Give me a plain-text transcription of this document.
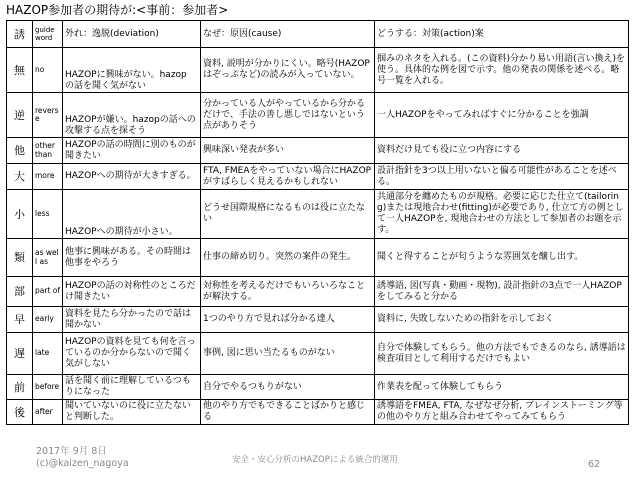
HAZOP参加者の期待が:<事前：参加者>
誘	guide word	外れ：逸脱(deviation)	なぜ：原因(cause)	どうする：対策(action)案
無	no	HAZOPに興味がない。hazop の話を聞く気がない	資料, 説明が分かりにくい。略号(HAZOPはぞっぷなど)の読みが入っていない。	掴みのネタを入れる。(この資料)分かり易い用語(言い換え)を使う。具体的な例を図で示す。他の発表の関係を述べる。略号一覧を入れる。
逆	reverse	HAZOPが嫌い。hazopの話への攻撃する点を探そう	分かっている人がやっているから分かるだけで、手法の善し悪しではないという点がありそう	一人HAZOPをやってみればすぐに分かることを強調
他	other than	HAZOPの話の時間に別のものが聞きたい	興味深い発表が多い	資料だけ見ても役に立つ内容にする
大	more	HAZOPへの期待が大きすぎる。	FTA, FMEAをやっていない場合にHAZOPがすばらしく見えるかもしれない	設計指針を3つ以上用いないと偏る可能性があることを述べる。
小	less	HAZOPへの期待が小さい。	どうせ国際規格になるものは役に立たない	共通部分を纏めたものが規格。必要に応じた仕立て(tailoring)または現地合わせ(fitting)が必要であり, 仕立て方の例として一人HAZOPを, 現地合わせの方法として参加者のお題を示す。
類	as well as	他事に興味がある。その時間は他事をやろう	仕事の締め切り。突然の案件の発生。	聞くと得することが匂うような雰囲気を醸し出す。
部	part of	HAZOPの話の対称性のところだけ聞きたい	対称性を考えるだけでもいろいろなことが解決する。	誘導語, 図(写真・動画・現物), 設計指針の3点で一人HAZOPをしてみると分かる
早	early	資料を見たら分かったので話は聞かない	1つのやり方で見れば分かる達人	資料に, 失敗しないための指針を示しておく
遅	late	HAZOPの資料を見ても何を言っているのか分からないので聞く気がしない	事例, 図に思い当たるものがない	自分で体験してもらう。他の方法でもできるのなら, 誘導語は検査項目として利用するだけでもよい
前	before	話を聞く前に理解しているつもりになった	自分でやるつもりがない	作業表を配って体験してもらう
後	after	聞いていないのに役に立たないと判断した。	他のやり方でもできることばかりと感じる	誘導語をFMEA, FTA, なぜなぜ分析, ブレインストーミング等の他のやり方と組み合わせてやってみてもらう
2017年 9月 8日
(c)@kaizen_nagoya	安全・安心分析のHAZOPによる統合的運用	62
